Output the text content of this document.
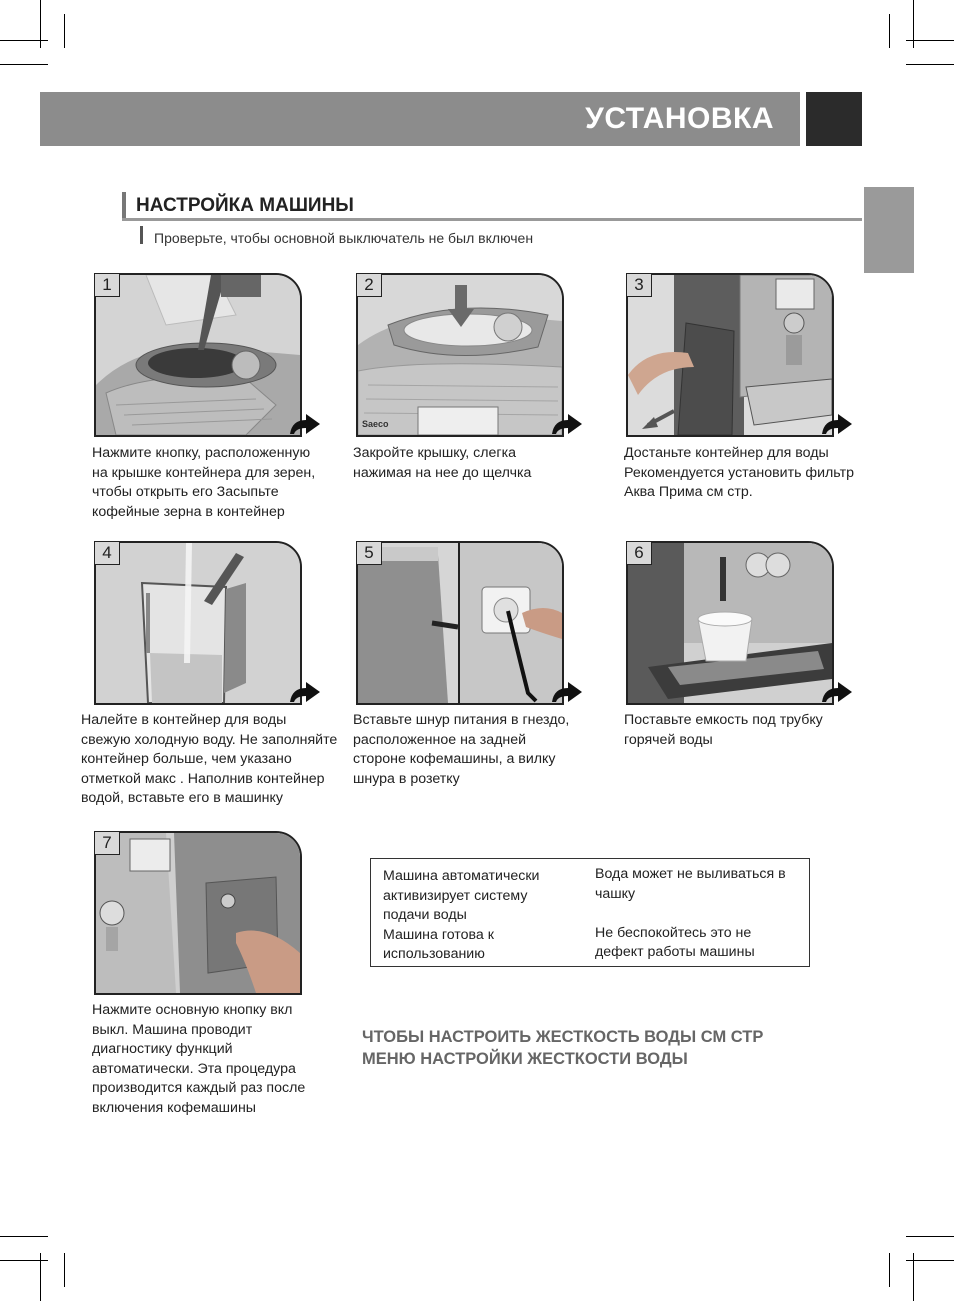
УСТАНОВКА
НАСТРОЙКА МАШИНЫ
Проверьте, чтобы основной выключатель не был включен
1
Нажмите кнопку, расположенную
на крышке контейнера для зерен,
чтобы открыть его Засыпьте
кофейные зерна в контейнер
Saeco
2
Закройте крышку, слегка
нажимая на нее до щелчка
3
Достаньте контейнер для воды
Рекомендуется установить фильтр
Аква Прима см стр.
4
Налейте в контейнер для воды
свежую холодную воду. Не заполняйте
контейнер больше, чем указано
отметкой макс . Наполнив контейнер
водой, вставьте его в машинку
5
Вставьте шнур питания в гнездо,
расположенное на задней
стороне кофемашины, а вилку
шнура в розетку
6
Поставьте емкость под трубку
горячей воды
7
Нажмите основную кнопку вкл
выкл. Машина проводит
диагностику функций
автоматически. Эта процедура
производится каждый раз после
включения кофемашины
Машина автоматически
активизирует систему
подачи воды
Машина готова к
использованию
Вода может не выливаться в
чашку
Не беспокойтесь это не
дефект работы машины
ЧТОБЫ НАСТРОИТЬ ЖЕСТКОСТЬ ВОДЫ СМ СТР
МЕНЮ НАСТРОЙКИ ЖЕСТКОСТИ ВОДЫ
